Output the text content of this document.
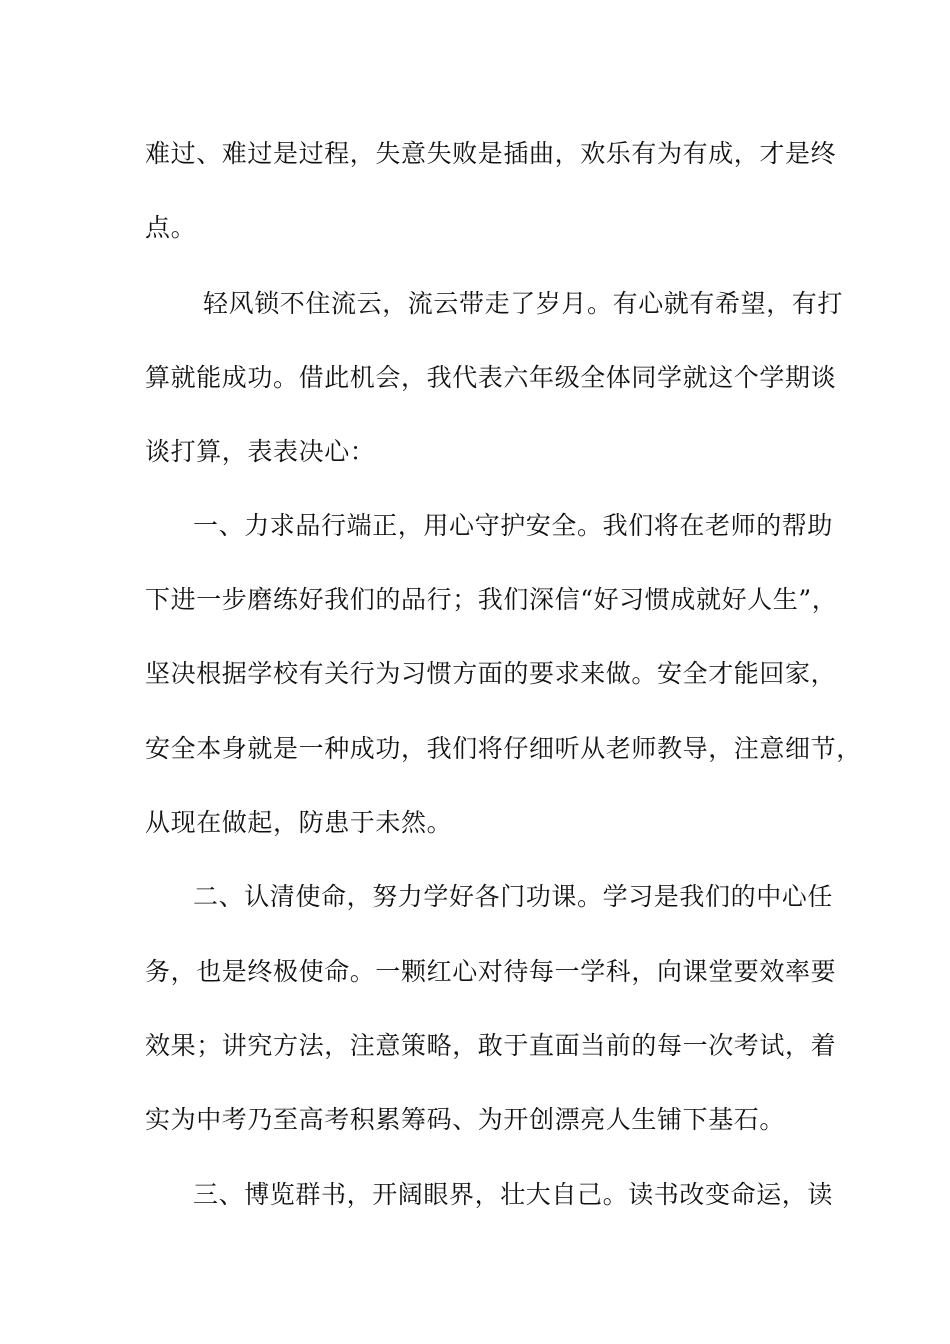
难过、难过是过程，失意失败是插曲，欢乐有为有成，才是终
点。
轻风锁不住流云，流云带走了岁月。有心就有希望，有打
算就能成功。借此机会，我代表六年级全体同学就这个学期谈
谈打算，表表决心：
一、力求品行端正，用心守护安全。我们将在老师的帮助
下进一步磨练好我们的品行；我们深信“好习惯成就好人生”，
坚决根据学校有关行为习惯方面的要求来做。安全才能回家，
安全本身就是一种成功，我们将仔细听从老师教导，注意细节，
从现在做起，防患于未然。
二、认清使命，努力学好各门功课。学习是我们的中心任
务，也是终极使命。一颗红心对待每一学科，向课堂要效率要
效果；讲究方法，注意策略，敢于直面当前的每一次考试，着
实为中考乃至高考积累筹码、为开创漂亮人生铺下基石。
三、博览群书，开阔眼界，壮大自己。读书改变命运，读
